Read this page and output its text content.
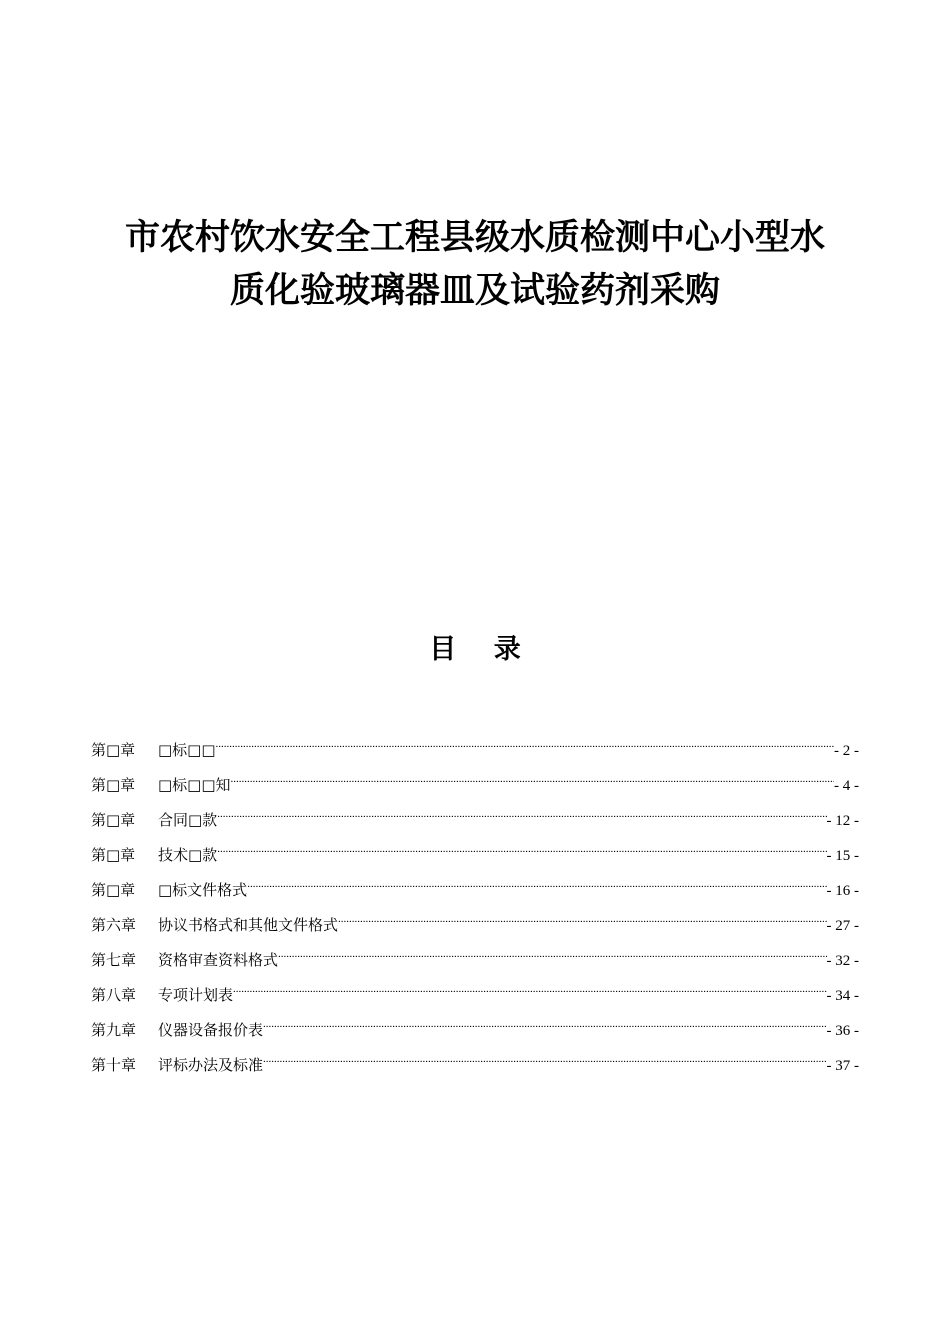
市农村饮水安全工程县级水质检测中心小型水
质化验玻璃器皿及试验药剂采购
目    录
第□章	□标□□ .....	- 2 -
第□章	□标□□知 .....	- 4 -
第□章	合同□款 .....	- 12 -
第□章	技术□款 .....	- 15 -
第□章	□标文件格式 .....	- 16 -
第六章	协议书格式和其他文件格式 .....	- 27 -
第七章	资格审查资料格式 .....	- 32 -
第八章	专项计划表 .....	- 34 -
第九章	仪器设备报价表 .....	- 36 -
第十章	评标办法及标准 .....	- 37 -
